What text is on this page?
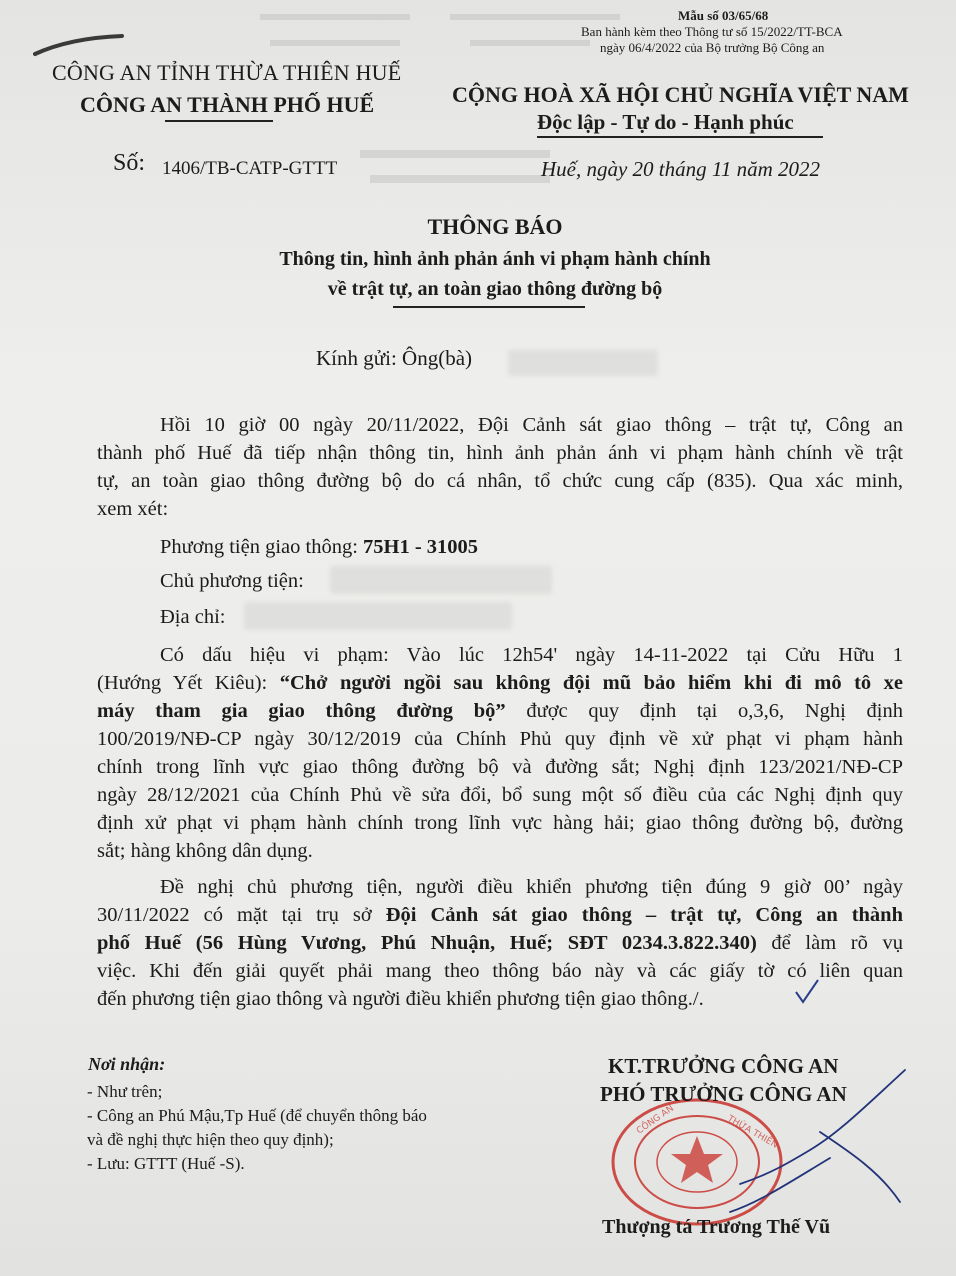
Mẫu số 03/65/68
Ban hành kèm theo Thông tư số 15/2022/TT-BCA
ngày 06/4/2022 của Bộ trưởng Bộ Công an
CÔNG AN TỈNH THỪA THIÊN HUẾ
CÔNG AN THÀNH PHỐ HUẾ	CỘNG HOÀ XÃ HỘI CHỦ NGHĨA VIỆT NAM
Độc lập - Tự do - Hạnh phúc
Số: 1406/TB-CATP-GTTT	Huế, ngày 20 tháng 11 năm 2022
THÔNG BÁO
Thông tin, hình ảnh phản ánh vi phạm hành chính
về trật tự, an toàn giao thông đường bộ
Kính gửi: Ông(bà)
Hồi 10 giờ 00 ngày 20/11/2022, Đội Cảnh sát giao thông – trật tự, Công an
thành phố Huế đã tiếp nhận thông tin, hình ảnh phản ánh vi phạm hành chính về trật
tự, an toàn giao thông đường bộ do cá nhân, tổ chức cung cấp (835). Qua xác minh,
xem xét:
Phương tiện giao thông: 75H1 - 31005
Chủ phương tiện:
Địa chỉ:
Có dấu hiệu vi phạm: Vào lúc 12h54' ngày 14-11-2022 tại Cửu Hữu 1
(Hướng Yết Kiêu): “Chở người ngồi sau không đội mũ bảo hiểm khi đi mô tô xe
máy tham gia giao thông đường bộ” được quy định tại o,3,6, Nghị định
100/2019/NĐ-CP ngày 30/12/2019 của Chính Phủ quy định về xử phạt vi phạm hành
chính trong lĩnh vực giao thông đường bộ và đường sắt; Nghị định 123/2021/NĐ-CP
ngày 28/12/2021 của Chính Phủ về sửa đổi, bổ sung một số điều của các Nghị định quy
định xử phạt vi phạm hành chính trong lĩnh vực hàng hải; giao thông đường bộ, đường
sắt; hàng không dân dụng.
Đề nghị chủ phương tiện, người điều khiển phương tiện đúng 9 giờ 00’ ngày
30/11/2022 có mặt tại trụ sở Đội Cảnh sát giao thông – trật tự, Công an thành
phố Huế (56 Hùng Vương, Phú Nhuận, Huế; SĐT 0234.3.822.340) để làm rõ vụ
việc. Khi đến giải quyết phải mang theo thông báo này và các giấy tờ có liên quan
đến phương tiện giao thông và người điều khiển phương tiện giao thông./.
Nơi nhận:
- Như trên;
- Công an Phú Mậu,Tp Huế (để chuyển thông báo
và đề nghị thực hiện theo quy định);
- Lưu: GTTT (Huế -S).
CÔNG AN	THỪA THIÊN
KT.TRƯỞNG CÔNG AN
PHÓ TRƯỞNG CÔNG AN
Thượng tá Trương Thế Vũ
